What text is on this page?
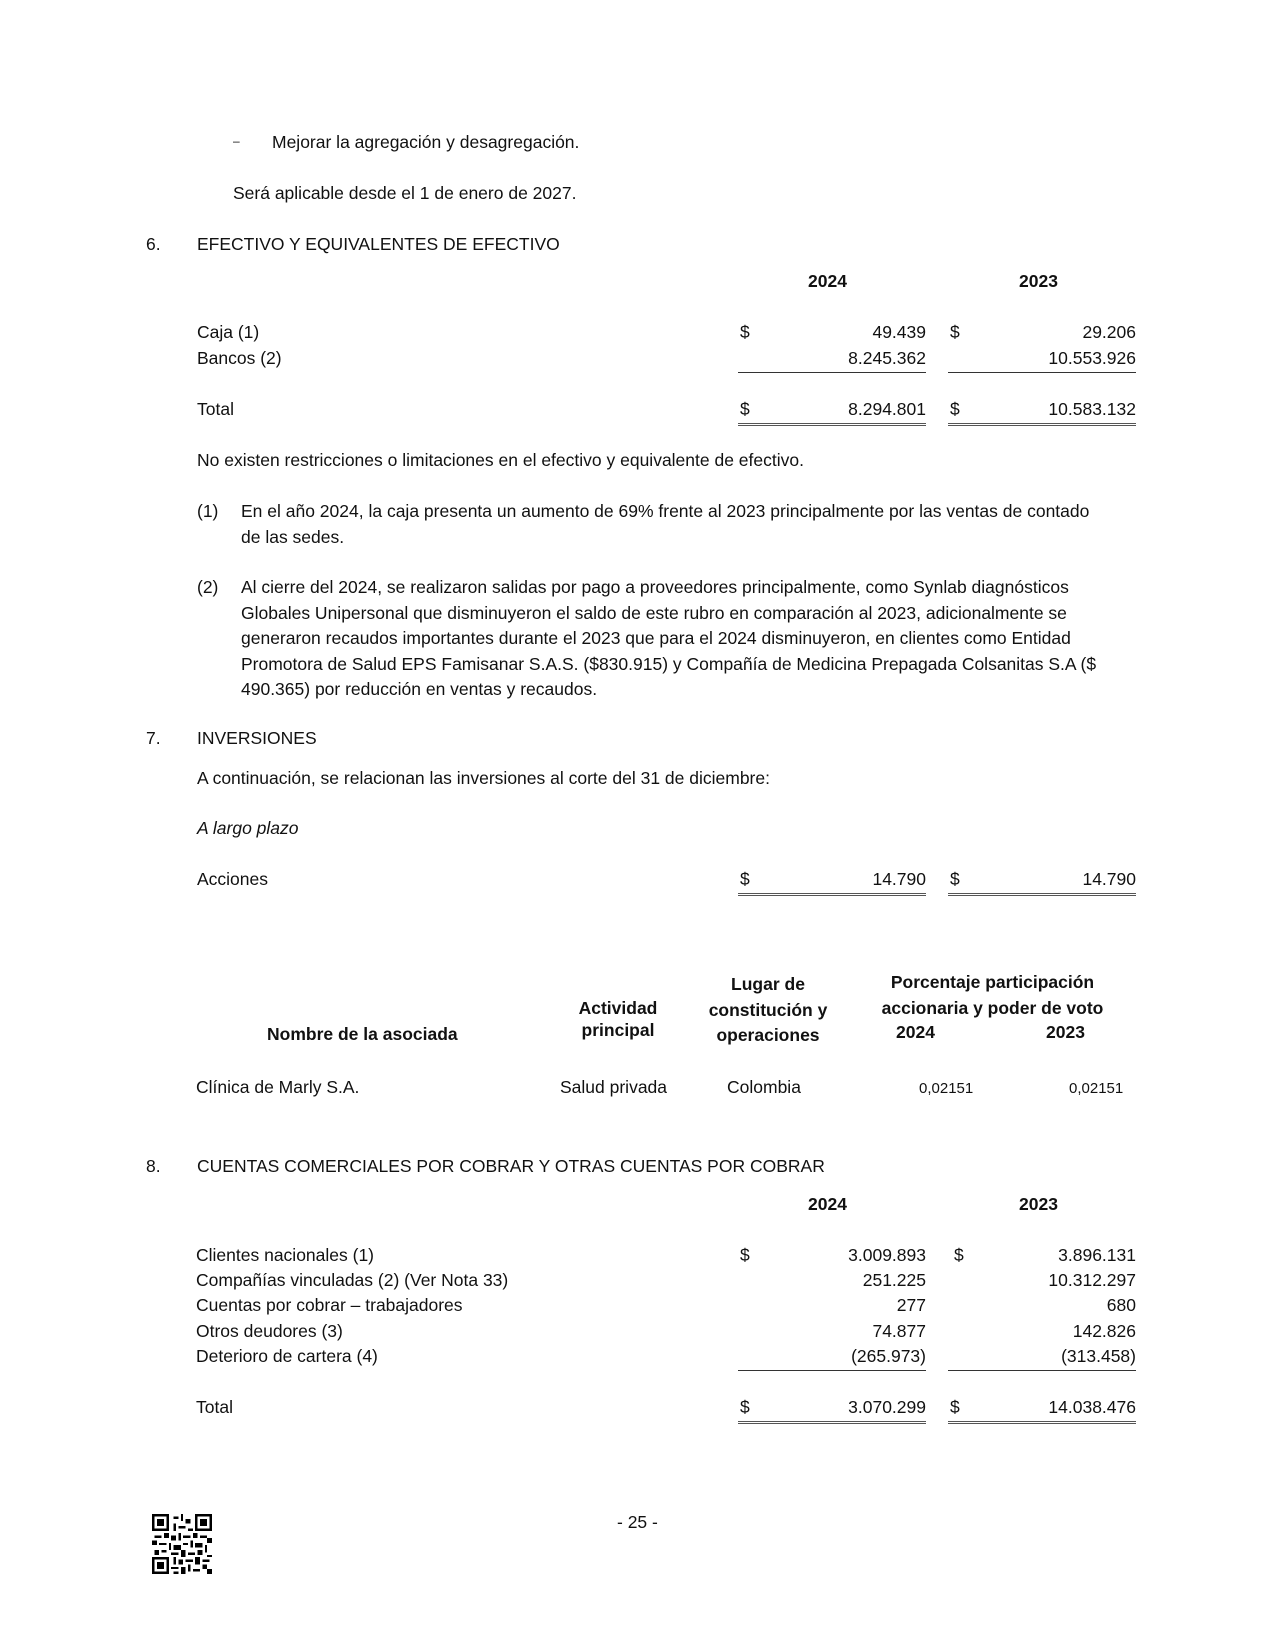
– Mejorar la agregación y desagregación.
Será aplicable desde el 1 de enero de 2027.
6. EFECTIVO Y EQUIVALENTES DE EFECTIVO
2024	2023
Caja (1)	$	49.439 $	29.206
Bancos (2)	8.245.362	10.553.926
Total	$	8.294.801 $	10.583.132
No existen restricciones o limitaciones en el efectivo y equivalente de efectivo.
(1) En el año 2024, la caja presenta un aumento de 69% frente al 2023 principalmente por las ventas de contado de las sedes.
(2) Al cierre del 2024, se realizaron salidas por pago a proveedores principalmente, como Synlab diagnósticos Globales Unipersonal que disminuyeron el saldo de este rubro en comparación al 2023, adicionalmente se generaron recaudos importantes durante el 2023 que para el 2024 disminuyeron, en clientes como Entidad Promotora de Salud EPS Famisanar S.A.S. ($830.915) y Compañía de Medicina Prepagada Colsanitas S.A ($ 490.365) por reducción en ventas y recaudos.
7. INVERSIONES
A continuación, se relacionan las inversiones al corte del 31 de diciembre:
A largo plazo
Acciones	$	14.790 $	14.790
Nombre de la asociada
Actividad
principal
Lugar de
constitución y
operaciones
Porcentaje participación
accionaria y poder de voto
2024	2023
Clínica de Marly S.A.	Salud privada	Colombia	0,02151	0,02151
8. CUENTAS COMERCIALES POR COBRAR Y OTRAS CUENTAS POR COBRAR
2024	2023
Clientes nacionales (1)	$	3.009.893 $	3.896.131
Compañías vinculadas (2) (Ver Nota 33)	251.225	10.312.297
Cuentas por cobrar – trabajadores	277	680
Otros deudores (3)	74.877	142.826
Deterioro de cartera (4)	(265.973)	(313.458)
Total	$	3.070.299 $	14.038.476
- 25 -
